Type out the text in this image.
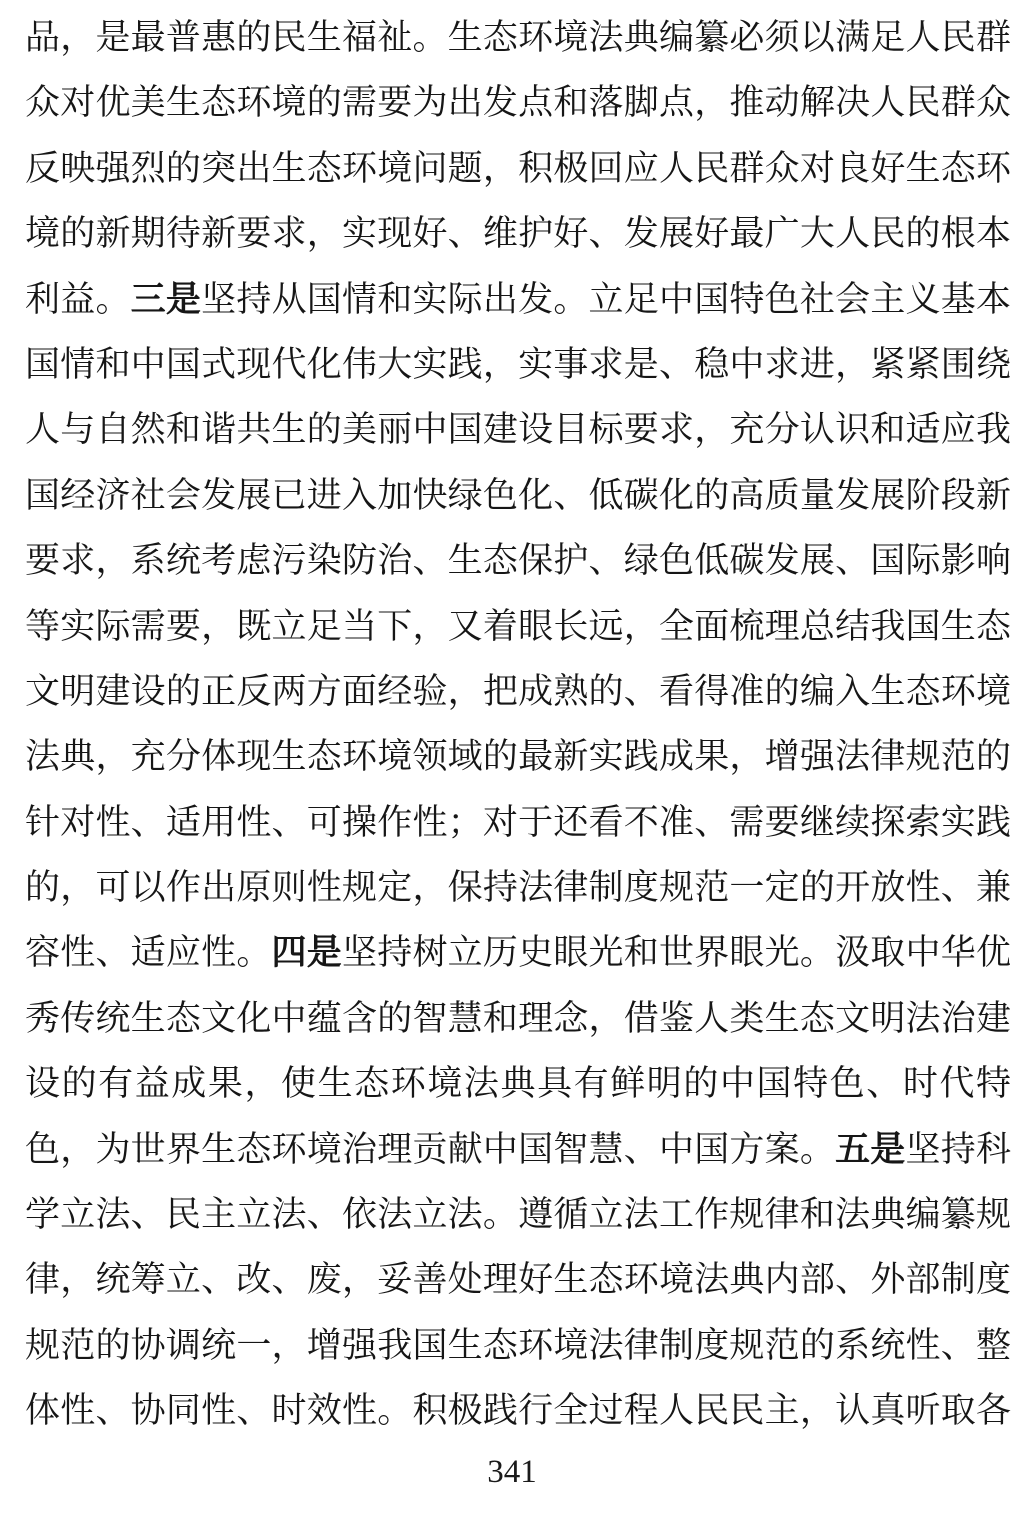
品，是最普惠的民生福祉。生态环境法典编纂必须以满足人民群
众对优美生态环境的需要为出发点和落脚点，推动解决人民群众
反映强烈的突出生态环境问题，积极回应人民群众对良好生态环
境的新期待新要求，实现好、维护好、发展好最广大人民的根本
利益。三是坚持从国情和实际出发。立足中国特色社会主义基本
国情和中国式现代化伟大实践，实事求是、稳中求进，紧紧围绕
人与自然和谐共生的美丽中国建设目标要求，充分认识和适应我
国经济社会发展已进入加快绿色化、低碳化的高质量发展阶段新
要求，系统考虑污染防治、生态保护、绿色低碳发展、国际影响
等实际需要，既立足当下，又着眼长远，全面梳理总结我国生态
文明建设的正反两方面经验，把成熟的、看得准的编入生态环境
法典，充分体现生态环境领域的最新实践成果，增强法律规范的
针对性、适用性、可操作性；对于还看不准、需要继续探索实践
的，可以作出原则性规定，保持法律制度规范一定的开放性、兼
容性、适应性。四是坚持树立历史眼光和世界眼光。汲取中华优
秀传统生态文化中蕴含的智慧和理念，借鉴人类生态文明法治建
设的有益成果，使生态环境法典具有鲜明的中国特色、时代特
色，为世界生态环境治理贡献中国智慧、中国方案。五是坚持科
学立法、民主立法、依法立法。遵循立法工作规律和法典编纂规
律，统筹立、改、废，妥善处理好生态环境法典内部、外部制度
规范的协调统一，增强我国生态环境法律制度规范的系统性、整
体性、协同性、时效性。积极践行全过程人民民主，认真听取各
341
